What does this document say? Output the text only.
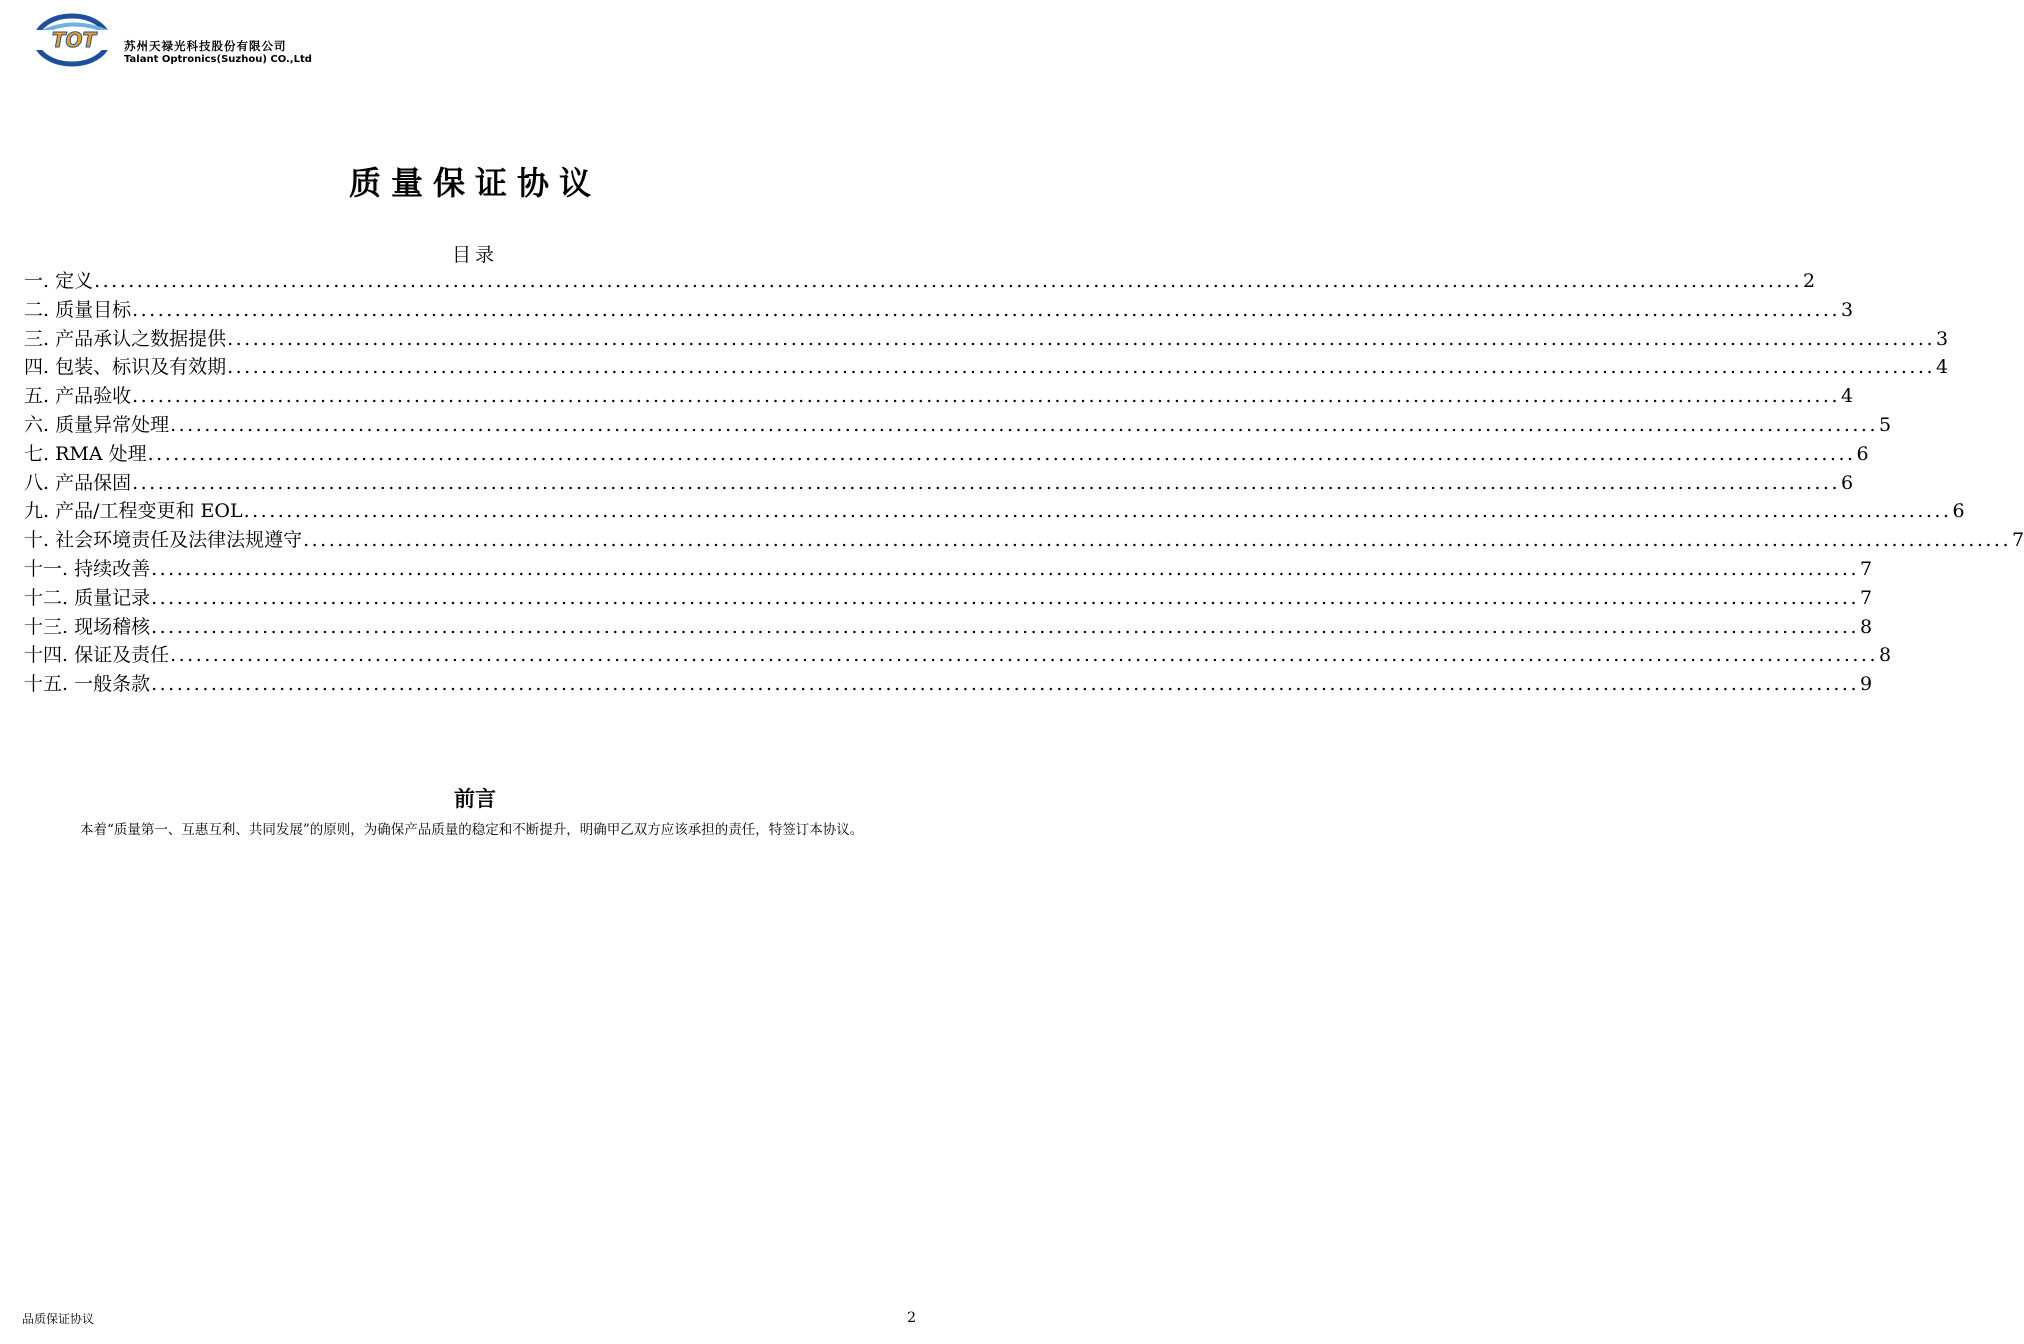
TOT 苏州天禄光科技股份有限公司
Talant Optronics(Suzhou) CO.,Ltd
质量保证协议
目录
一. 定义 ........................................................................................................................................................................................................ 2
二. 质量目标 ........................................................................................................................................................................................................ 3
三. 产品承认之数据提供 ........................................................................................................................................................................................................ 3
四. 包装、标识及有效期 ........................................................................................................................................................................................................ 4
五. 产品验收 ........................................................................................................................................................................................................ 4
六. 质量异常处理 ........................................................................................................................................................................................................ 5
七. RMA 处理 ........................................................................................................................................................................................................ 6
八. 产品保固 ........................................................................................................................................................................................................ 6
九. 产品/工程变更和 EOL ........................................................................................................................................................................................................ 6
十. 社会环境责任及法律法规遵守 ........................................................................................................................................................................................................ 7
十一. 持续改善 ........................................................................................................................................................................................................ 7
十二. 质量记录 ........................................................................................................................................................................................................ 7
十三. 现场稽核 ........................................................................................................................................................................................................ 8
十四. 保证及责任 ........................................................................................................................................................................................................ 8
十五. 一般条款 ........................................................................................................................................................................................................ 9
前言
本着“质量第一、互惠互利、共同发展”的原则，为确保产品质量的稳定和不断提升，明确甲乙双方应该承担的责任，特签订本协议。
品质保证协议	2
